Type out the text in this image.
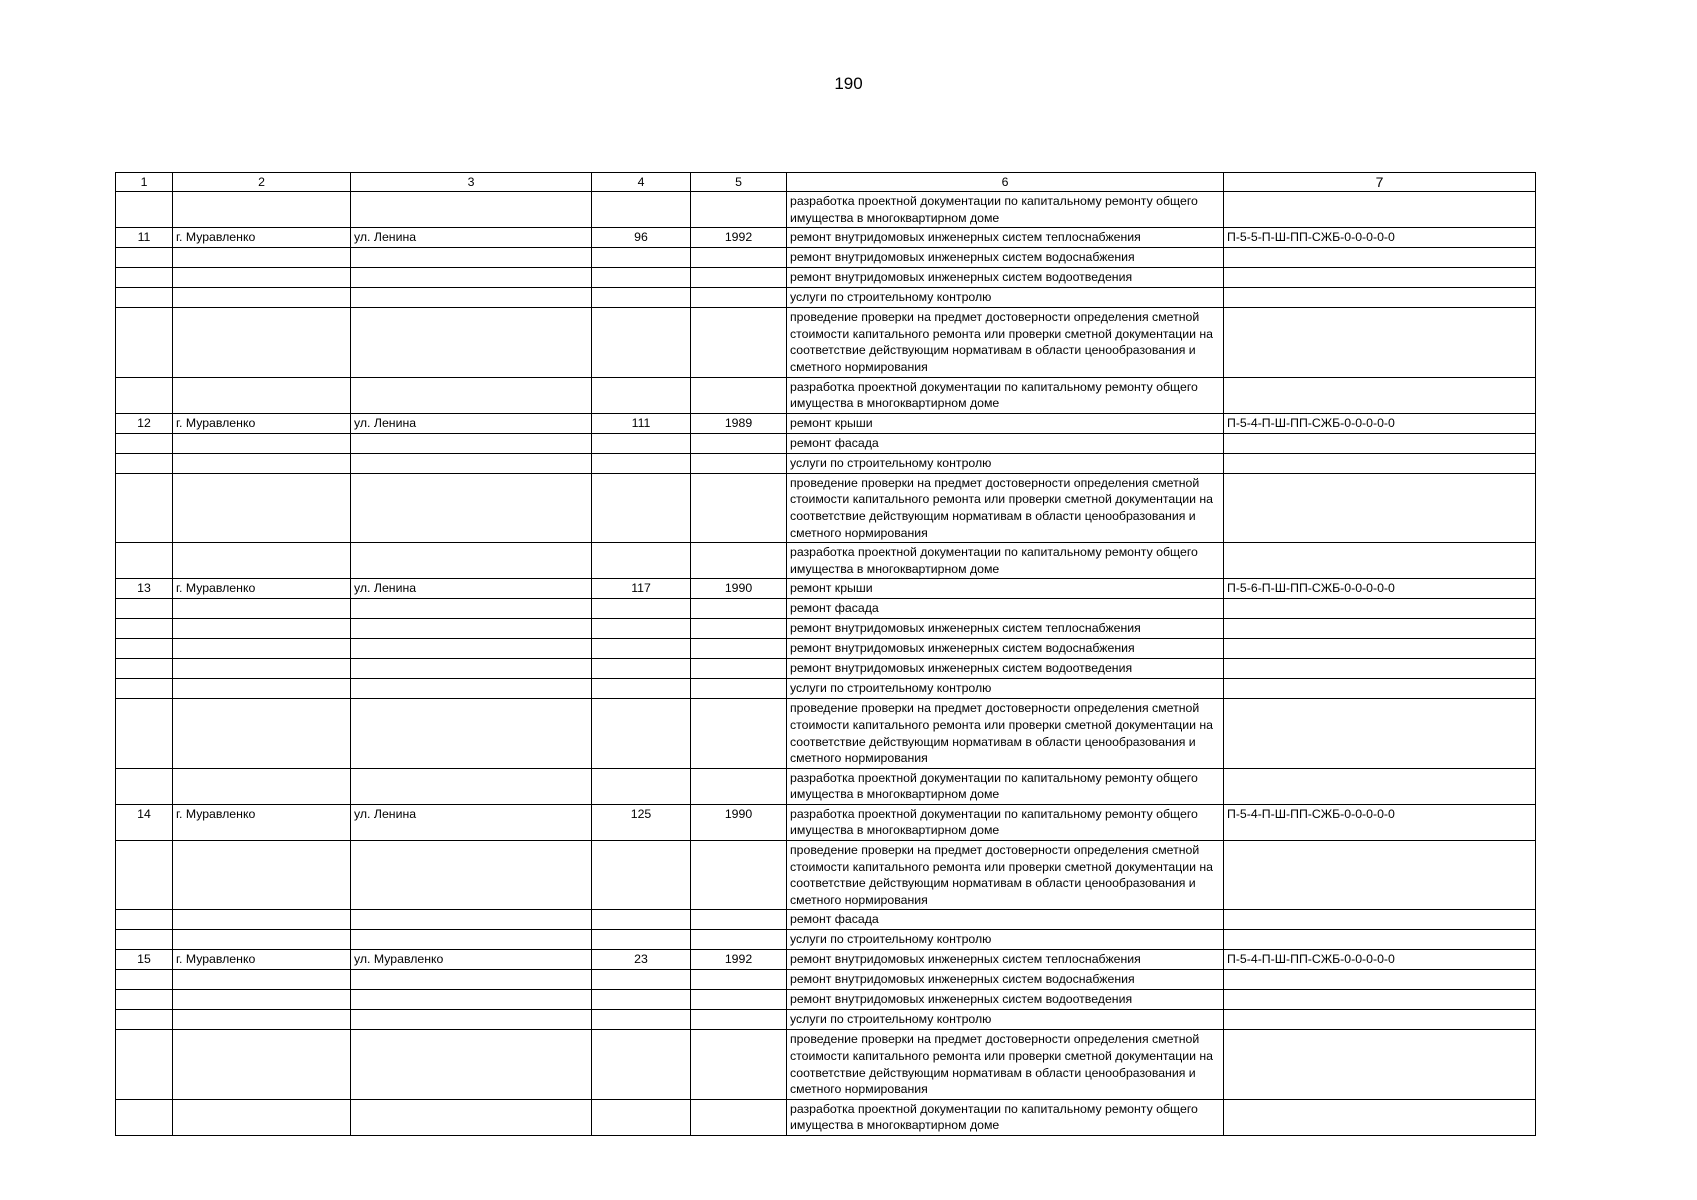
190
1	2	3	4	5	6	7
					разработка проектной документации по капитальному ремонту общего имущества в многоквартирном доме	
11	г. Муравленко	ул. Ленина	96	1992	ремонт внутридомовых инженерных систем теплоснабжения	П-5-5-П-Ш-ПП-СЖБ-0-0-0-0-0
					ремонт внутридомовых инженерных систем водоснабжения	
					ремонт внутридомовых инженерных систем водоотведения	
					услуги по строительному контролю	
					проведение проверки на предмет достоверности определения сметной стоимости капитального ремонта или проверки сметной документации на соответствие действующим нормативам в области ценообразования и сметного нормирования	
					разработка проектной документации по капитальному ремонту общего имущества в многоквартирном доме	
12	г. Муравленко	ул. Ленина	111	1989	ремонт крыши	П-5-4-П-Ш-ПП-СЖБ-0-0-0-0-0
					ремонт фасада	
					услуги по строительному контролю	
					проведение проверки на предмет достоверности определения сметной стоимости капитального ремонта или проверки сметной документации на соответствие действующим нормативам в области ценообразования и сметного нормирования	
					разработка проектной документации по капитальному ремонту общего имущества в многоквартирном доме	
13	г. Муравленко	ул. Ленина	117	1990	ремонт крыши	П-5-6-П-Ш-ПП-СЖБ-0-0-0-0-0
					ремонт фасада	
					ремонт внутридомовых инженерных систем теплоснабжения	
					ремонт внутридомовых инженерных систем водоснабжения	
					ремонт внутридомовых инженерных систем водоотведения	
					услуги по строительному контролю	
					проведение проверки на предмет достоверности определения сметной стоимости капитального ремонта или проверки сметной документации на соответствие действующим нормативам в области ценообразования и сметного нормирования	
					разработка проектной документации по капитальному ремонту общего имущества в многоквартирном доме	
14	г. Муравленко	ул. Ленина	125	1990	разработка проектной документации по капитальному ремонту общего имущества в многоквартирном доме	П-5-4-П-Ш-ПП-СЖБ-0-0-0-0-0
					проведение проверки на предмет достоверности определения сметной стоимости капитального ремонта или проверки сметной документации на соответствие действующим нормативам в области ценообразования и сметного нормирования	
					ремонт фасада	
					услуги по строительному контролю	
15	г. Муравленко	ул. Муравленко	23	1992	ремонт внутридомовых инженерных систем теплоснабжения	П-5-4-П-Ш-ПП-СЖБ-0-0-0-0-0
					ремонт внутридомовых инженерных систем водоснабжения	
					ремонт внутридомовых инженерных систем водоотведения	
					услуги по строительному контролю	
					проведение проверки на предмет достоверности определения сметной стоимости капитального ремонта или проверки сметной документации на соответствие действующим нормативам в области ценообразования и сметного нормирования	
					разработка проектной документации по капитальному ремонту общего имущества в многоквартирном доме	
